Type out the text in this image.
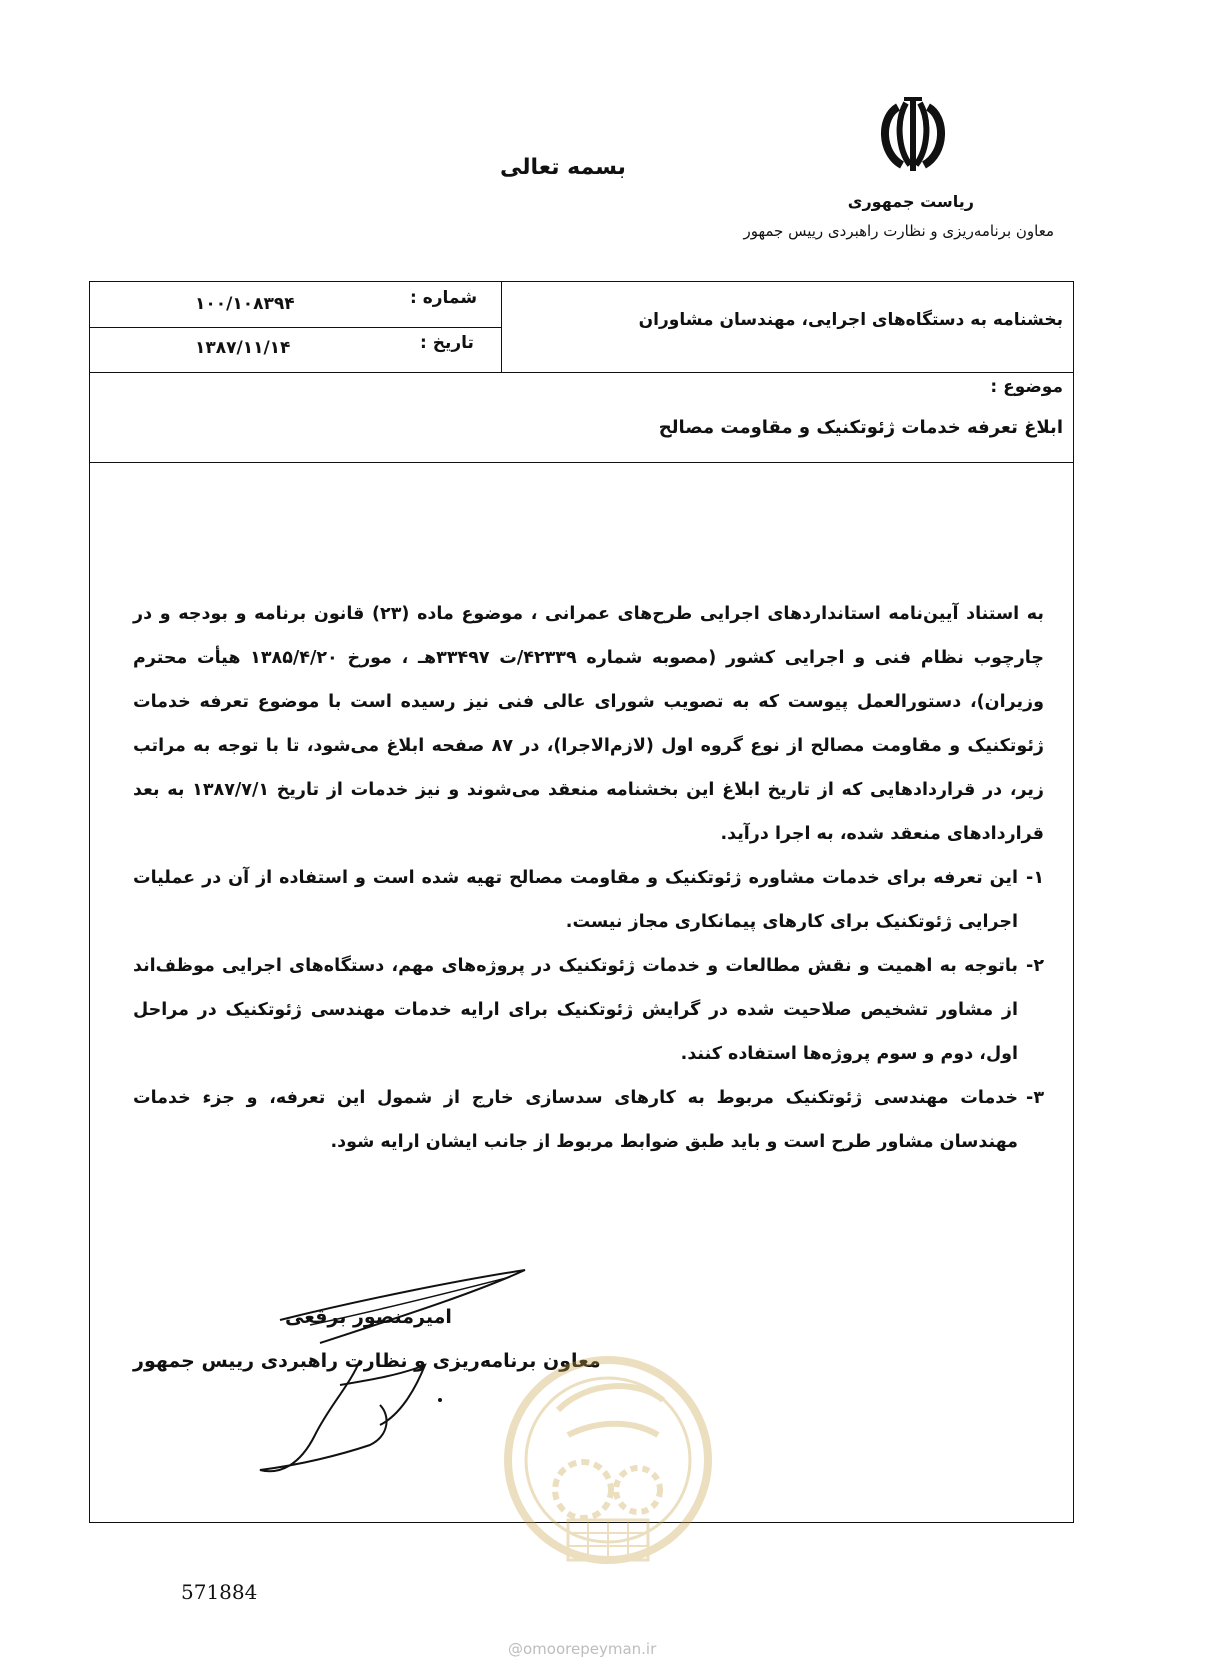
ریاست جمهوری
معاون برنامه‌ریزی و نظارت راهبردی رییس جمهور
بسمه تعالی
بخشنامه به دستگاه‌های اجرایی، مهندسان مشاوران
شماره :
۱۰۰/۱۰۸۳۹۴
تاریخ :
۱۳۸۷/۱۱/۱۴
موضوع :
ابلاغ تعرفه خدمات ژئوتکنیک و مقاومت مصالح

به استناد آیین‌نامه استانداردهای اجرایی طرح‌های عمرانی ، موضوع ماده (۲۳) قانون برنامه و بودجه و در چارچوب نظام فنی و اجرایی کشور (مصوبه شماره ۴۲۳۳۹/ت ۳۳۴۹۷هـ ، مورخ ۱۳۸۵/۴/۲۰ هیأت محترم وزیران)، دستورالعمل پیوست که به تصویب شورای عالی فنی نیز رسیده است با موضوع تعرفه خدمات ژئوتکنیک و مقاومت مصالح از نوع گروه اول (لازم‌الاجرا)، در ۸۷ صفحه ابلاغ می‌شود، تا با توجه به مراتب زیر، در قراردادهایی که از تاریخ ابلاغ این بخشنامه منعقد می‌شوند و نیز خدمات از تاریخ ۱۳۸۷/۷/۱ به بعد قراردادهای منعقد شده، به اجرا درآید.

۱-
این تعرفه برای خدمات مشاوره ژئوتکنیک و مقاومت مصالح تهیه شده است و استفاده از آن در عملیات اجرایی ژئوتکنیک برای کارهای پیمانکاری مجاز نیست.
۲-
باتوجه به اهمیت و نقش مطالعات و خدمات ژئوتکنیک در پروژه‌های مهم، دستگاه‌های اجرایی موظف‌اند از مشاور تشخیص صلاحیت شده در گرایش ژئوتکنیک برای ارایه خدمات مهندسی ژئوتکنیک در مراحل اول، دوم و سوم پروژه‌ها استفاده کنند.
۳-
خدمات مهندسی ژئوتکنیک مربوط به کارهای سدسازی خارج از شمول این تعرفه، و جزء خدمات مهندسان مشاور طرح است و باید طبق ضوابط مربوط از جانب ایشان ارایه شود.
امیرمنصور برقعی
معاون برنامه‌ریزی و نظارت راهبردی رییس جمهور
571884
@omoorepeyman.ir
